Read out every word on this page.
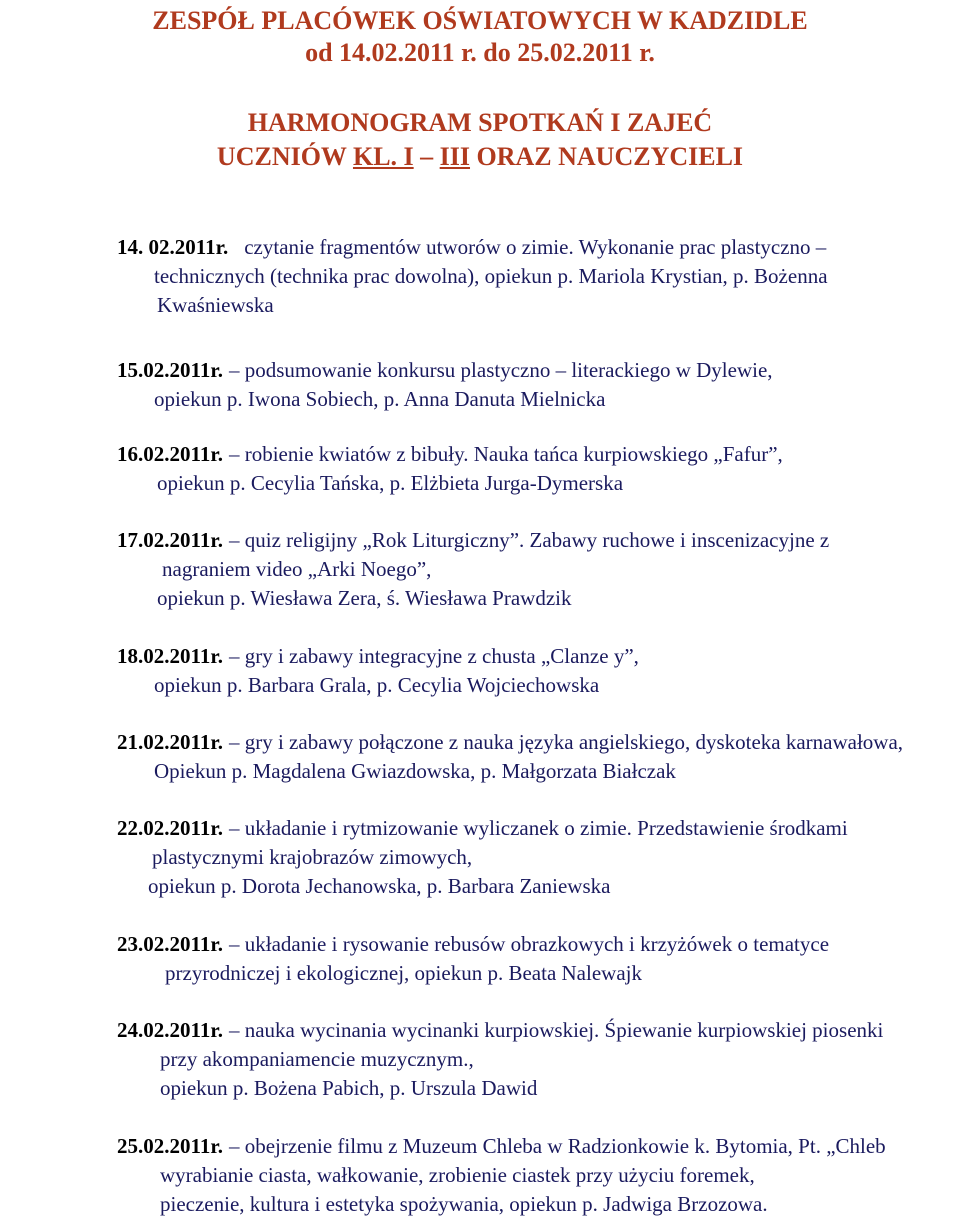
ZESPÓŁ PLACÓWEK OŚWIATOWYCH W KADZIDLE
od 14.02.2011 r. do 25.02.2011 r.
HARMONOGRAM SPOTKAŃ I ZAJEĆ
UCZNIÓW KL. I – III ORAZ NAUCZYCIELI
14. 02.2011r. czytanie fragmentów utworów o zimie. Wykonanie prac plastyczno –
technicznych (technika prac dowolna), opiekun p. Mariola Krystian, p. Bożenna
Kwaśniewska
15.02.2011r. – podsumowanie konkursu plastyczno – literackiego w Dylewie,
opiekun p. Iwona Sobiech, p. Anna Danuta Mielnicka
16.02.2011r. – robienie kwiatów z bibuły. Nauka tańca kurpiowskiego „Fafur”,
opiekun p. Cecylia Tańska, p. Elżbieta Jurga-Dymerska
17.02.2011r. – quiz religijny „Rok Liturgiczny”. Zabawy ruchowe i inscenizacyjne z
nagraniem video „Arki Noego”,
opiekun p. Wiesława Zera, ś. Wiesława Prawdzik
18.02.2011r. – gry i zabawy integracyjne z chusta „Clanze y”,
opiekun p. Barbara Grala, p. Cecylia Wojciechowska
21.02.2011r. – gry i zabawy połączone z nauka języka angielskiego, dyskoteka karnawałowa,
Opiekun p. Magdalena Gwiazdowska, p. Małgorzata Białczak
22.02.2011r. – układanie i rytmizowanie wyliczanek o zimie. Przedstawienie środkami
plastycznymi krajobrazów zimowych,
opiekun p. Dorota Jechanowska, p. Barbara Zaniewska
23.02.2011r. – układanie i rysowanie rebusów obrazkowych i krzyżówek o tematyce
przyrodniczej i ekologicznej, opiekun p. Beata Nalewajk
24.02.2011r. – nauka wycinania wycinanki kurpiowskiej. Śpiewanie kurpiowskiej piosenki
przy akompaniamencie muzycznym.,
opiekun p. Bożena Pabich, p. Urszula Dawid
25.02.2011r. – obejrzenie filmu z Muzeum Chleba w Radzionkowie k. Bytomia, Pt. „Chleb
wyrabianie ciasta, wałkowanie, zrobienie ciastek przy użyciu foremek,
pieczenie, kultura i estetyka spożywania, opiekun p. Jadwiga Brzozowa.
